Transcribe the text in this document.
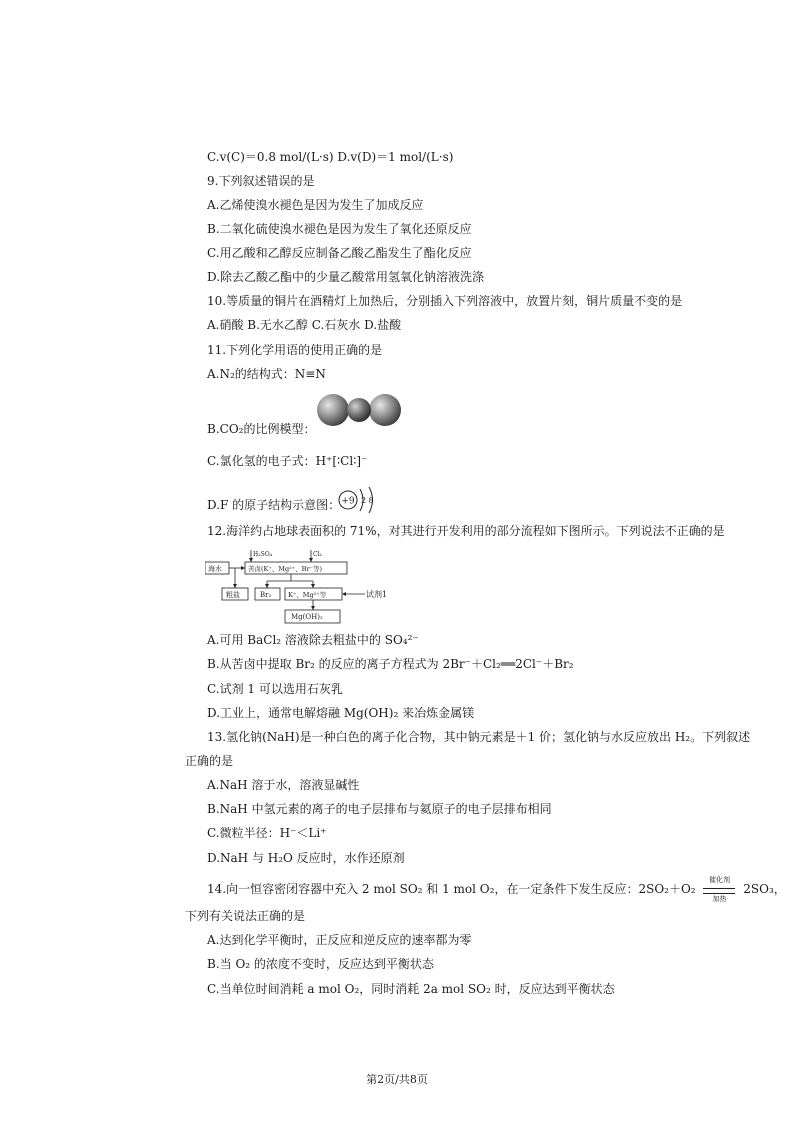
C.v(C)＝0.8 mol/(L·s) D.v(D)＝1 mol/(L·s)
9.下列叙述错误的是
A.乙烯使溴水褪色是因为发生了加成反应
B.二氧化硫使溴水褪色是因为发生了氧化还原反应
C.用乙酸和乙醇反应制备乙酸乙酯发生了酯化反应
D.除去乙酸乙酯中的少量乙酸常用氢氧化钠溶液洗涤
10.等质量的铜片在酒精灯上加热后，分别插入下列溶液中，放置片刻，铜片质量不变的是
A.硝酸 B.无水乙醇 C.石灰水 D.盐酸
11.下列化学用语的使用正确的是
A.N₂的结构式：N≡N
B.CO₂的比例模型：
C.氯化氢的电子式：H⁺[∶Cl∶]⁻
D.F 的原子结构示意图： +9 2 8
12.海洋约占地球表面积的 71%，对其进行开发利用的部分流程如下图所示。下列说法不正确的是
海水	苦卤(K⁺、Mg²⁺、Br⁻等)
H₂SO₄	Cl₂
粗盐	Br₂	K⁺、Mg²⁺等
Mg(OH)₂
试剂1
A.可用 BaCl₂ 溶液除去粗盐中的 SO₄²⁻
B.从苦卤中提取 Br₂ 的反应的离子方程式为 2Br⁻＋Cl₂══2Cl⁻＋Br₂
C.试剂 1 可以选用石灰乳
D.工业上，通常电解熔融 Mg(OH)₂ 来冶炼金属镁
13.氢化钠(NaH)是一种白色的离子化合物，其中钠元素是＋1 价；氢化钠与水反应放出 H₂。下列叙述
正确的是
A.NaH 溶于水，溶液显碱性
B.NaH 中氢元素的离子的电子层排布与氦原子的电子层排布相同
C.微粒半径：H⁻＜Li⁺
D.NaH 与 H₂O 反应时，水作还原剂
14.向一恒容密闭容器中充入 2 mol SO₂ 和 1 mol O₂，在一定条件下发生反应：2SO₂＋O₂
催化剂
加热
2SO₃，
下列有关说法正确的是
A.达到化学平衡时，正反应和逆反应的速率都为零
B.当 O₂ 的浓度不变时，反应达到平衡状态
C.当单位时间消耗 a mol O₂，同时消耗 2a mol SO₂ 时，反应达到平衡状态
第2页/共8页
